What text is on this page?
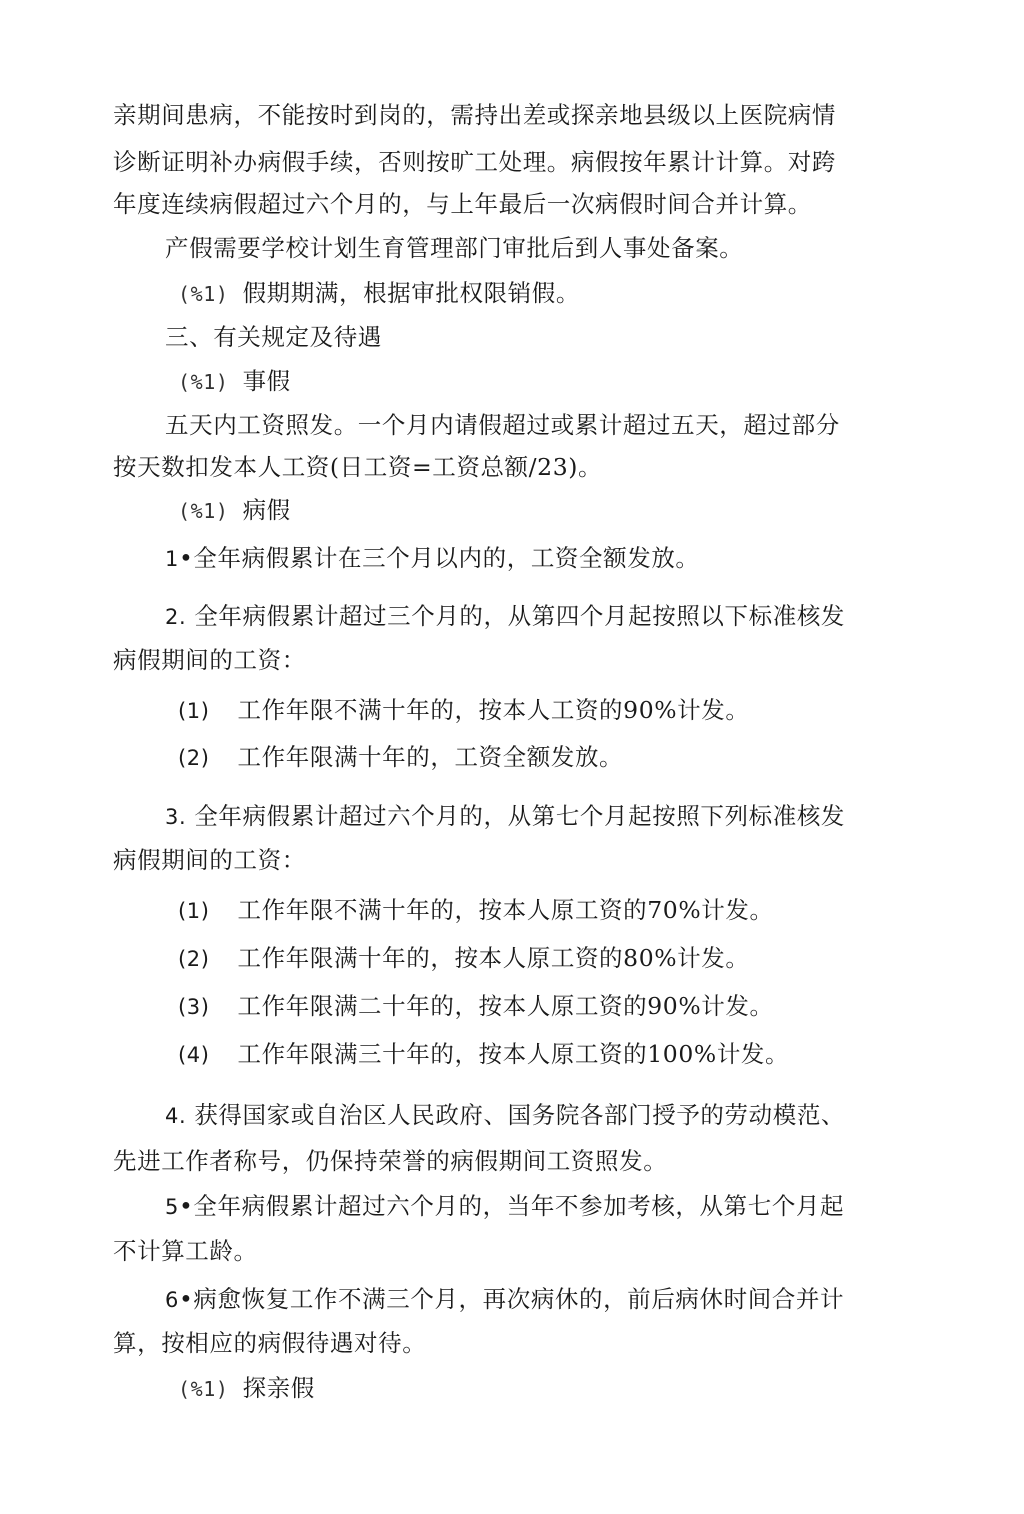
亲期间患病，不能按时到岗的，需持出差或探亲地县级以上医院病情
诊断证明补办病假手续，否则按旷工处理。病假按年累计计算。对跨
年度连续病假超过六个月的，与上年最后一次病假时间合并计算。
产假需要学校计划生育管理部门审批后到人事处备案。
(%1) 假期期满，根据审批权限销假。
三、有关规定及待遇
(%1) 事假
五天内工资照发。一个月内请假超过或累计超过五天，超过部分
按天数扣发本人工资(日工资=工资总额/23)。
(%1) 病假
1•全年病假累计在三个月以内的，工资全额发放。
2. 全年病假累计超过三个月的，从第四个月起按照以下标准核发
病假期间的工资：
(1) 工作年限不满十年的，按本人工资的90%计发。
(2) 工作年限满十年的，工资全额发放。
3. 全年病假累计超过六个月的，从第七个月起按照下列标准核发
病假期间的工资：
(1) 工作年限不满十年的，按本人原工资的70%计发。
(2) 工作年限满十年的，按本人原工资的80%计发。
(3) 工作年限满二十年的，按本人原工资的90%计发。
(4) 工作年限满三十年的，按本人原工资的100%计发。
4. 获得国家或自治区人民政府、国务院各部门授予的劳动模范、
先进工作者称号，仍保持荣誉的病假期间工资照发。
5•全年病假累计超过六个月的，当年不参加考核，从第七个月起
不计算工龄。
6•病愈恢复工作不满三个月，再次病休的，前后病休时间合并计
算，按相应的病假待遇对待。
(%1) 探亲假
